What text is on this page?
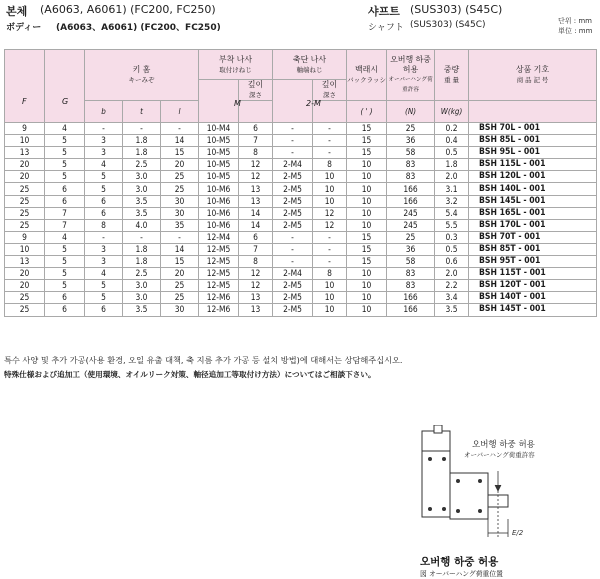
본체 (A6063, A6061) (FC200, FC250)
ボディー (A6063、A6061) (FC200、FC250)
샤프트 (SUS303) (S45C)
シャフト (SUS303) (S45C)	단위 : mm
単位 : mm
		키 홈
キーみぞ			부착 나사
取付けねじ		축단 나사
軸端ねじ		백래시
バックラッシ	오버행 하중 허용
オーバーハング荷重許容	중량
重 量	상품 기호
商 品 記 号

						깊이
深さ		깊이
深さ				

		b	t	l					( ' )	(N)	W(kg)	
9	4	-	-	-	10-M4	6	-	-	15	25	0.2	BSH 70L - 001
10	5	3	1.8	14	10-M5	7	-	-	15	36	0.4	BSH 85L - 001
13	5	3	1.8	15	10-M5	8	-	-	15	58	0.5	BSH 95L - 001
20	5	4	2.5	20	10-M5	12	2-M4	8	10	83	1.8	BSH 115L - 001
20	5	5	3.0	25	10-M5	12	2-M5	10	10	83	2.0	BSH 120L - 001
25	6	5	3.0	25	10-M6	13	2-M5	10	10	166	3.1	BSH 140L - 001
25	6	6	3.5	30	10-M6	13	2-M5	10	10	166	3.2	BSH 145L - 001
25	7	6	3.5	30	10-M6	14	2-M5	12	10	245	5.4	BSH 165L - 001
25	7	8	4.0	35	10-M6	14	2-M5	12	10	245	5.5	BSH 170L - 001
9	4	-	-	-	12-M4	6	-	-	15	25	0.3	BSH 70T - 001
10	5	3	1.8	14	12-M5	7	-	-	15	36	0.5	BSH 85T - 001
13	5	3	1.8	15	12-M5	8	-	-	15	58	0.6	BSH 95T - 001
20	5	4	2.5	20	12-M5	12	2-M4	8	10	83	2.0	BSH 115T - 001
20	5	5	3.0	25	12-M5	12	2-M5	10	10	83	2.2	BSH 120T - 001
25	6	5	3.0	25	12-M6	13	2-M5	10	10	166	3.4	BSH 140T - 001
25	6	6	3.5	30	12-M6	13	2-M5	10	10	166	3.5	BSH 145T - 001
F	G	M	2-M
특수 사양 및 추가 가공(사용 환경, 오일 유출 대책, 축 지름 추가 가공 등 설치 방법)에 대해서는 상담해주십시오.
特殊仕様および追加工（使用環境、オイルリーク対策、軸径追加工等取付け方法）についてはご相談下さい。
E/2
오버행 하중 허용
オーバーハング荷重許容
오버행 하중 허용
図 オーバーハング荷重位置
